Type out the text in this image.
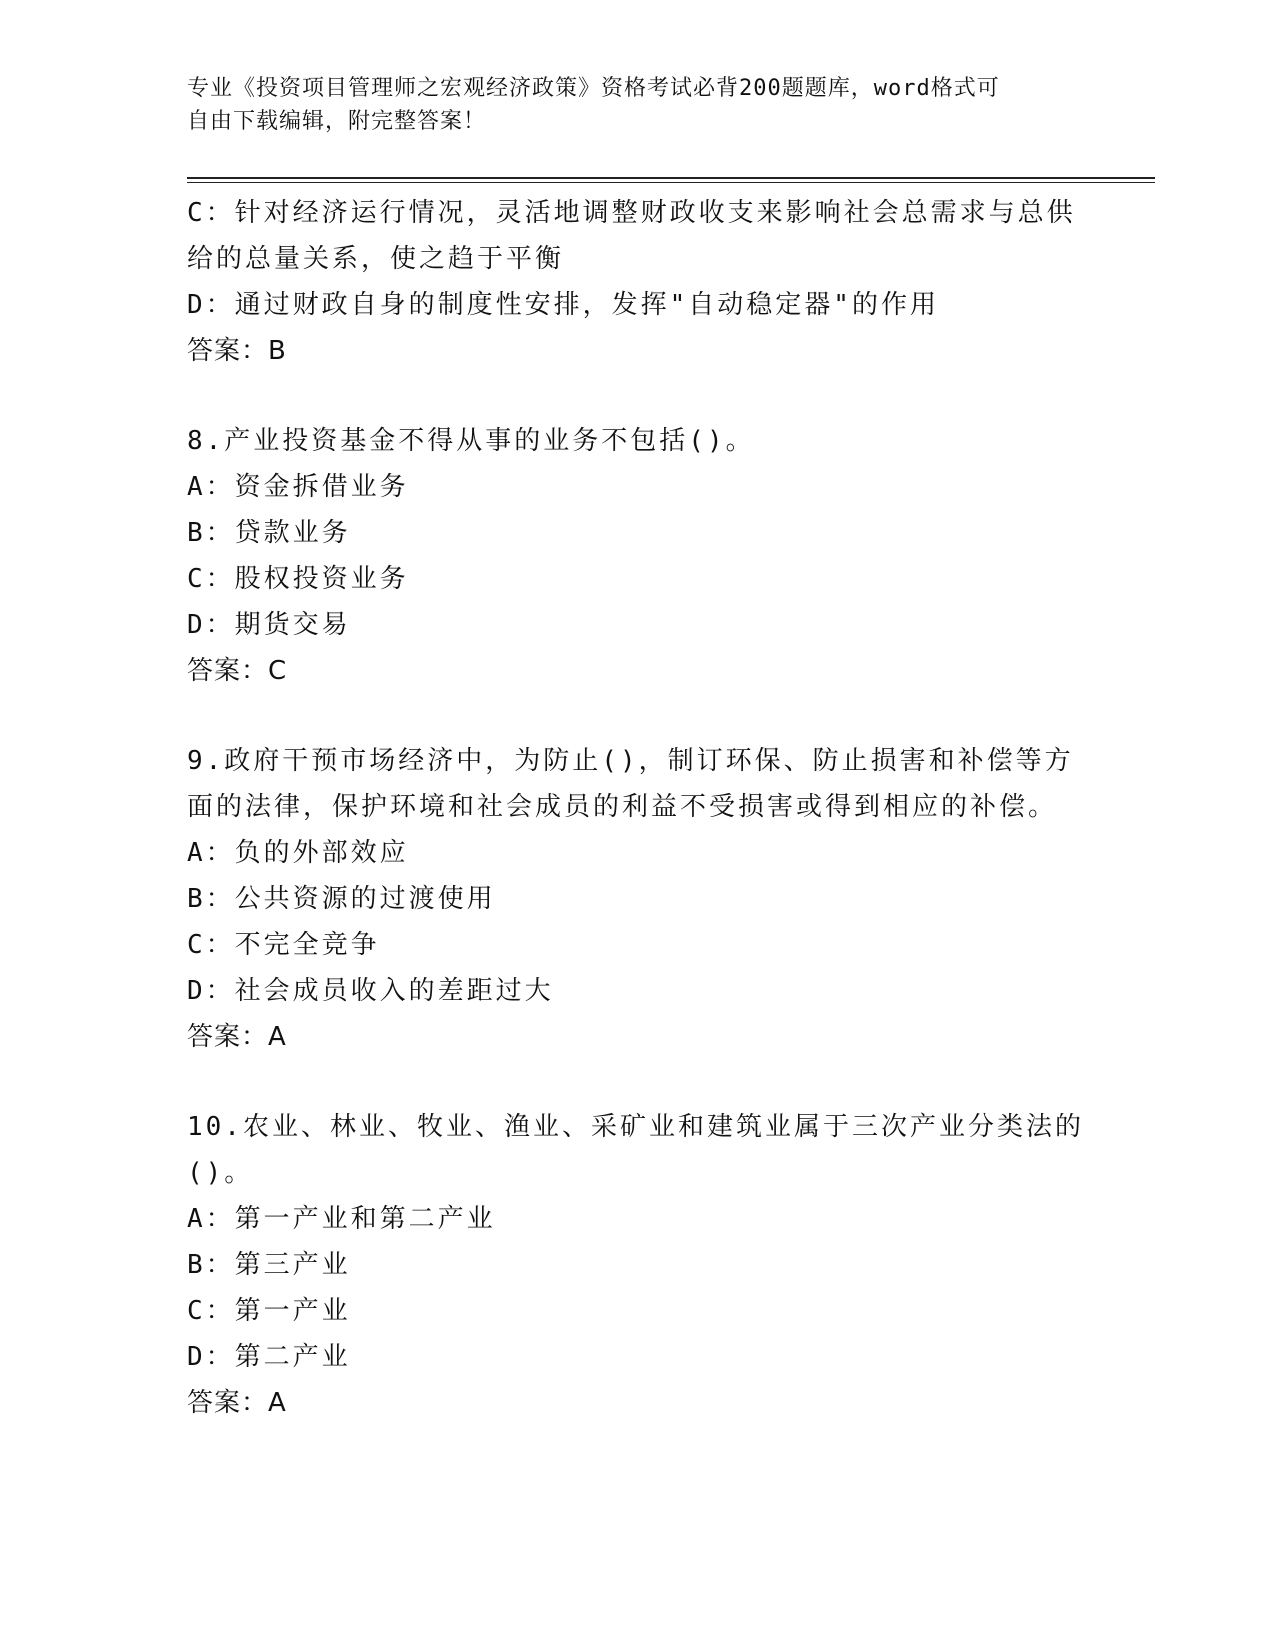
专业《投资项目管理师之宏观经济政策》资格考试必背200题题库，word格式可
自由下载编辑，附完整答案！
C：针对经济运行情况，灵活地调整财政收支来影响社会总需求与总供
给的总量关系，使之趋于平衡
D：通过财政自身的制度性安排，发挥"自动稳定器"的作用
答案：B
8.产业投资基金不得从事的业务不包括()。
A：资金拆借业务
B：贷款业务
C：股权投资业务
D：期货交易
答案：C
9.政府干预市场经济中，为防止()，制订环保、防止损害和补偿等方
面的法律，保护环境和社会成员的利益不受损害或得到相应的补偿。
A：负的外部效应
B：公共资源的过渡使用
C：不完全竞争
D：社会成员收入的差距过大
答案：A
10.农业、林业、牧业、渔业、采矿业和建筑业属于三次产业分类法的
()。
A：第一产业和第二产业
B：第三产业
C：第一产业
D：第二产业
答案：A
